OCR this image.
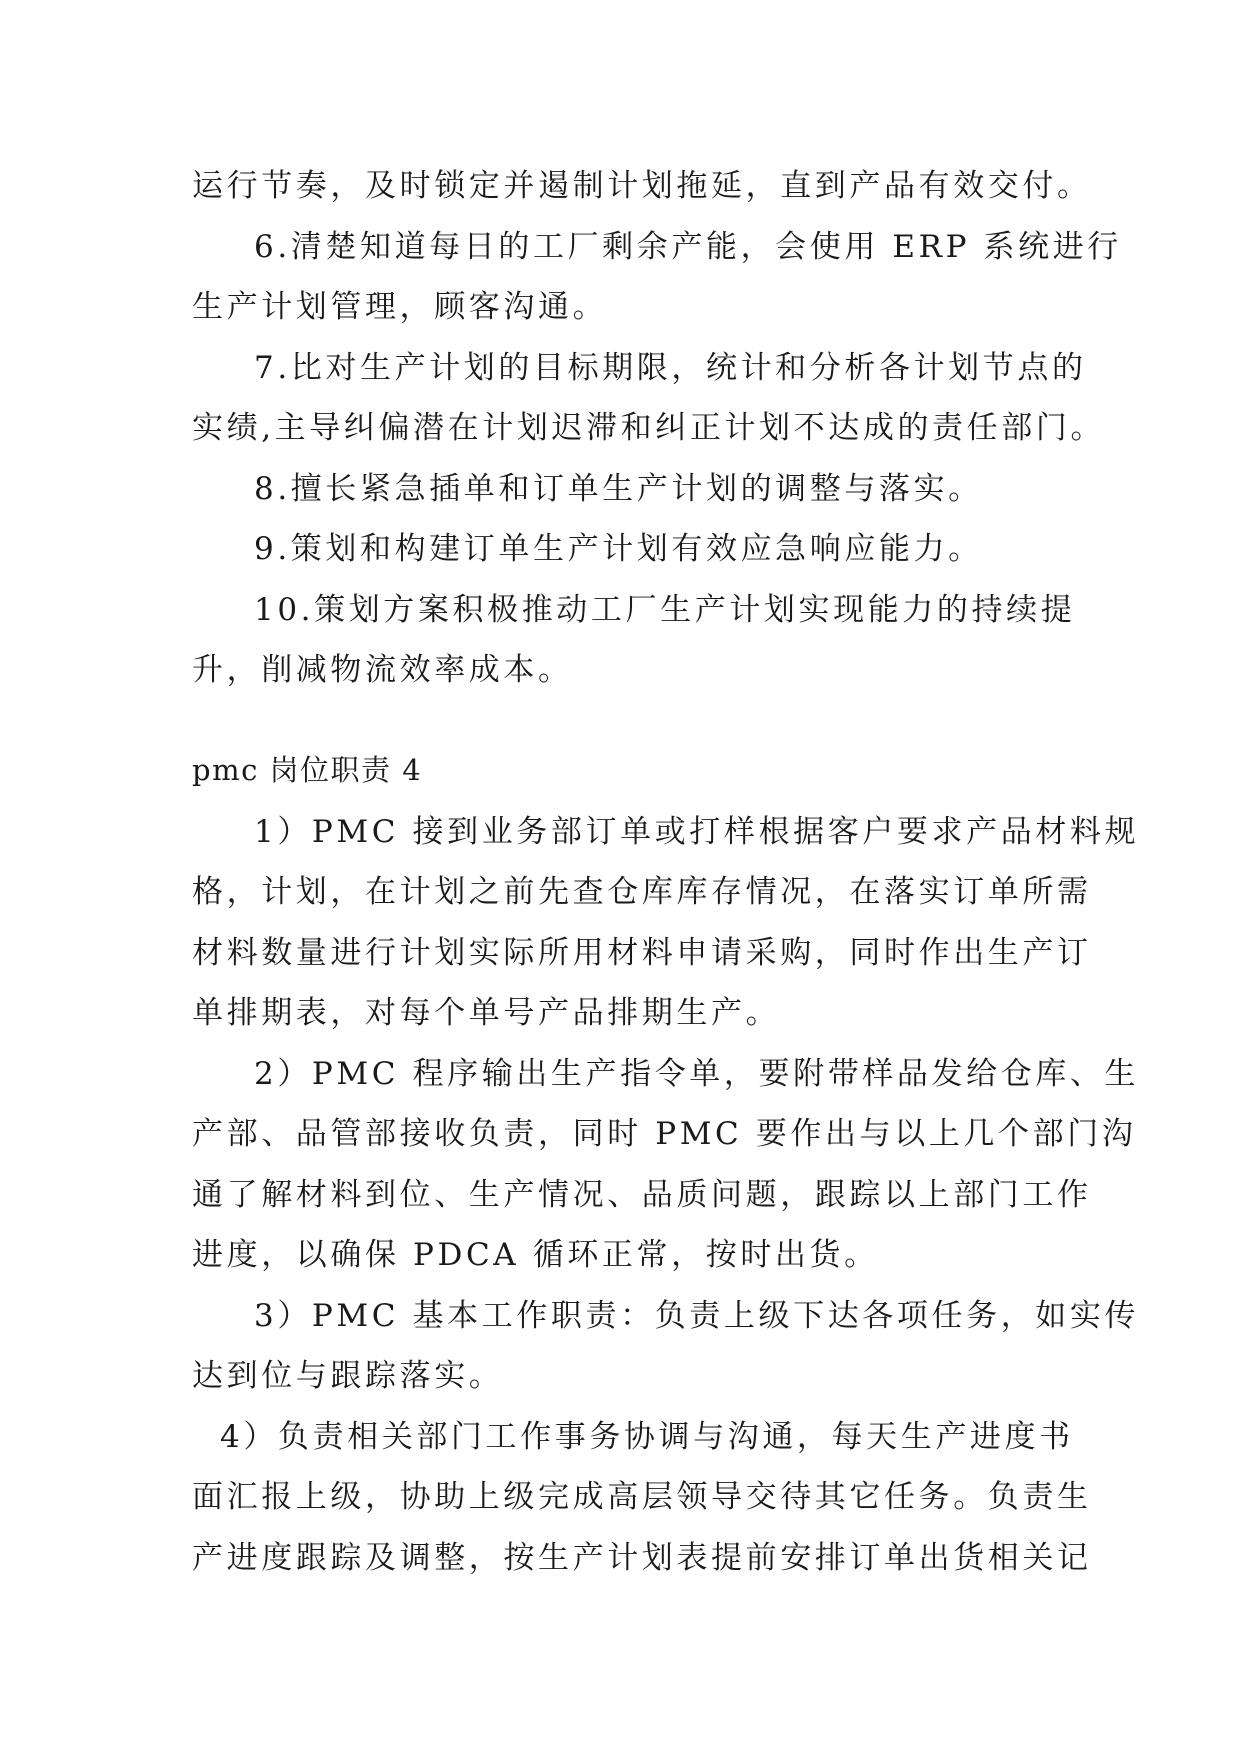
运行节奏，及时锁定并遏制计划拖延，直到产品有效交付。
6.清楚知道每日的工厂剩余产能，会使用 ERP 系统进行
生产计划管理，顾客沟通。
7.比对生产计划的目标期限，统计和分析各计划节点的
实绩,主导纠偏潜在计划迟滞和纠正计划不达成的责任部门。
8.擅长紧急插单和订单生产计划的调整与落实。
9.策划和构建订单生产计划有效应急响应能力。
10.策划方案积极推动工厂生产计划实现能力的持续提
升，削减物流效率成本。
pmc 岗位职责 4
1）PMC 接到业务部订单或打样根据客户要求产品材料规
格，计划，在计划之前先查仓库库存情况，在落实订单所需
材料数量进行计划实际所用材料申请采购，同时作出生产订
单排期表，对每个单号产品排期生产。
2）PMC 程序输出生产指令单，要附带样品发给仓库、生
产部、品管部接收负责，同时 PMC 要作出与以上几个部门沟
通了解材料到位、生产情况、品质问题，跟踪以上部门工作
进度，以确保 PDCA 循环正常，按时出货。
3）PMC 基本工作职责：负责上级下达各项任务，如实传
达到位与跟踪落实。
4）负责相关部门工作事务协调与沟通，每天生产进度书
面汇报上级，协助上级完成高层领导交待其它任务。负责生
产进度跟踪及调整，按生产计划表提前安排订单出货相关记
